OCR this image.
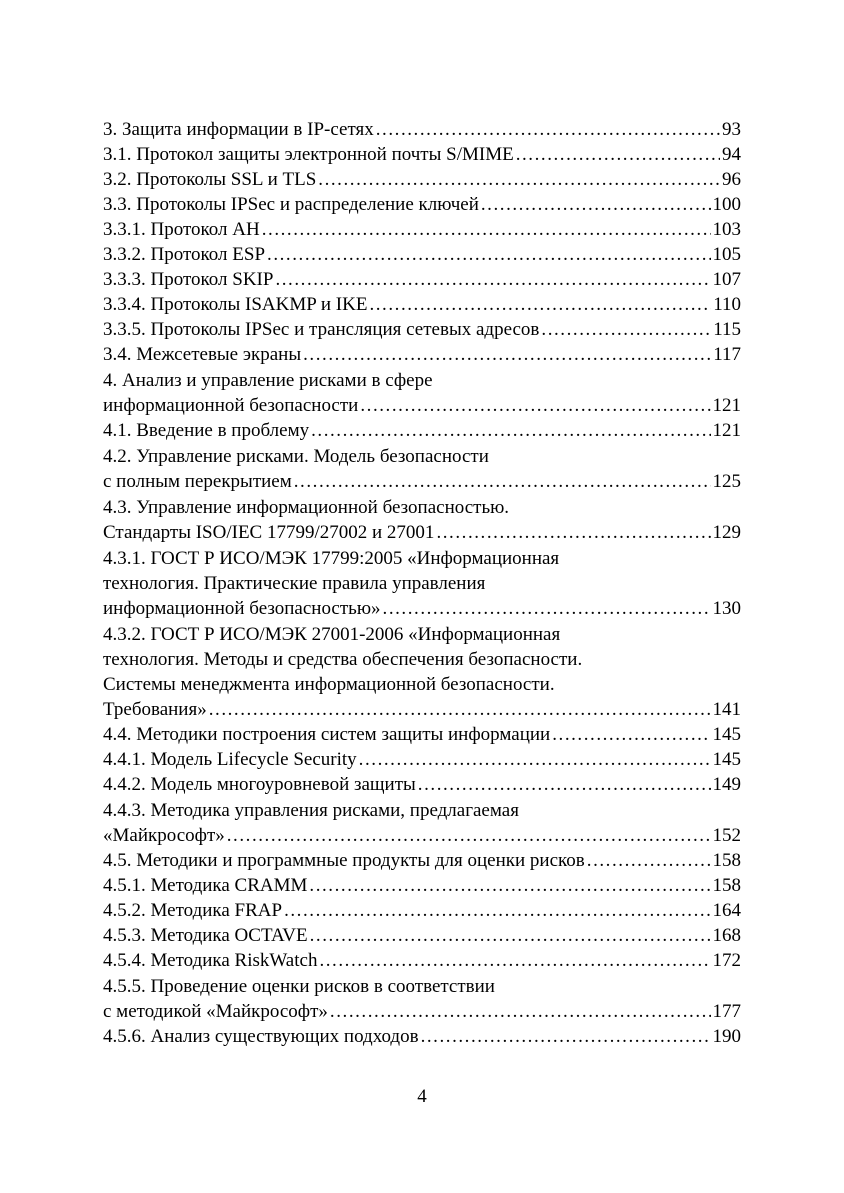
3. Защита информации в IP-сетях . . .	93
3.1. Протокол защиты электронной почты S/MIME . . .	94
3.2. Протоколы SSL и TLS . . .	96
3.3. Протоколы IPSec и распределение ключей . . .	100
3.3.1. Протокол AH . . .	103
3.3.2. Протокол ESP . . .	105
3.3.3. Протокол SKIP . . .	107
3.3.4. Протоколы ISAKMP и IKE . . .	110
3.3.5. Протоколы IPSec и трансляция сетевых адресов . . .	115
3.4. Межсетевые экраны . . .	117
4. Анализ и управление рисками в сфере
информационной безопасности . . .	121
4.1. Введение в проблему . . .	121
4.2. Управление рисками. Модель безопасности
с полным перекрытием . . .	125
4.3. Управление информационной безопасностью.
Стандарты ISO/IEC 17799/27002 и 27001 . . .	129
4.3.1. ГОСТ Р ИСО/МЭК 17799:2005 «Информационная
технология. Практические правила управления
информационной безопасностью» . . .	130
4.3.2. ГОСТ Р ИСО/МЭК 27001-2006 «Информационная
технология. Методы и средства обеспечения безопасности.
Системы менеджмента информационной безопасности.
Требования» . . .	141
4.4. Методики построения систем защиты информации . . .	145
4.4.1. Модель Lifecycle Security . . .	145
4.4.2. Модель многоуровневой защиты . . .	149
4.4.3. Методика управления рисками, предлагаемая
«Майкрософт» . . .	152
4.5. Методики и программные продукты для оценки рисков . . .	158
4.5.1. Методика CRAMM . . .	158
4.5.2. Методика FRAP . . .	164
4.5.3. Методика OCTAVE . . .	168
4.5.4. Методика RiskWatch . . .	172
4.5.5. Проведение оценки рисков в соответствии
с методикой «Майкрософт» . . .	177
4.5.6. Анализ существующих подходов . . .	190
4
